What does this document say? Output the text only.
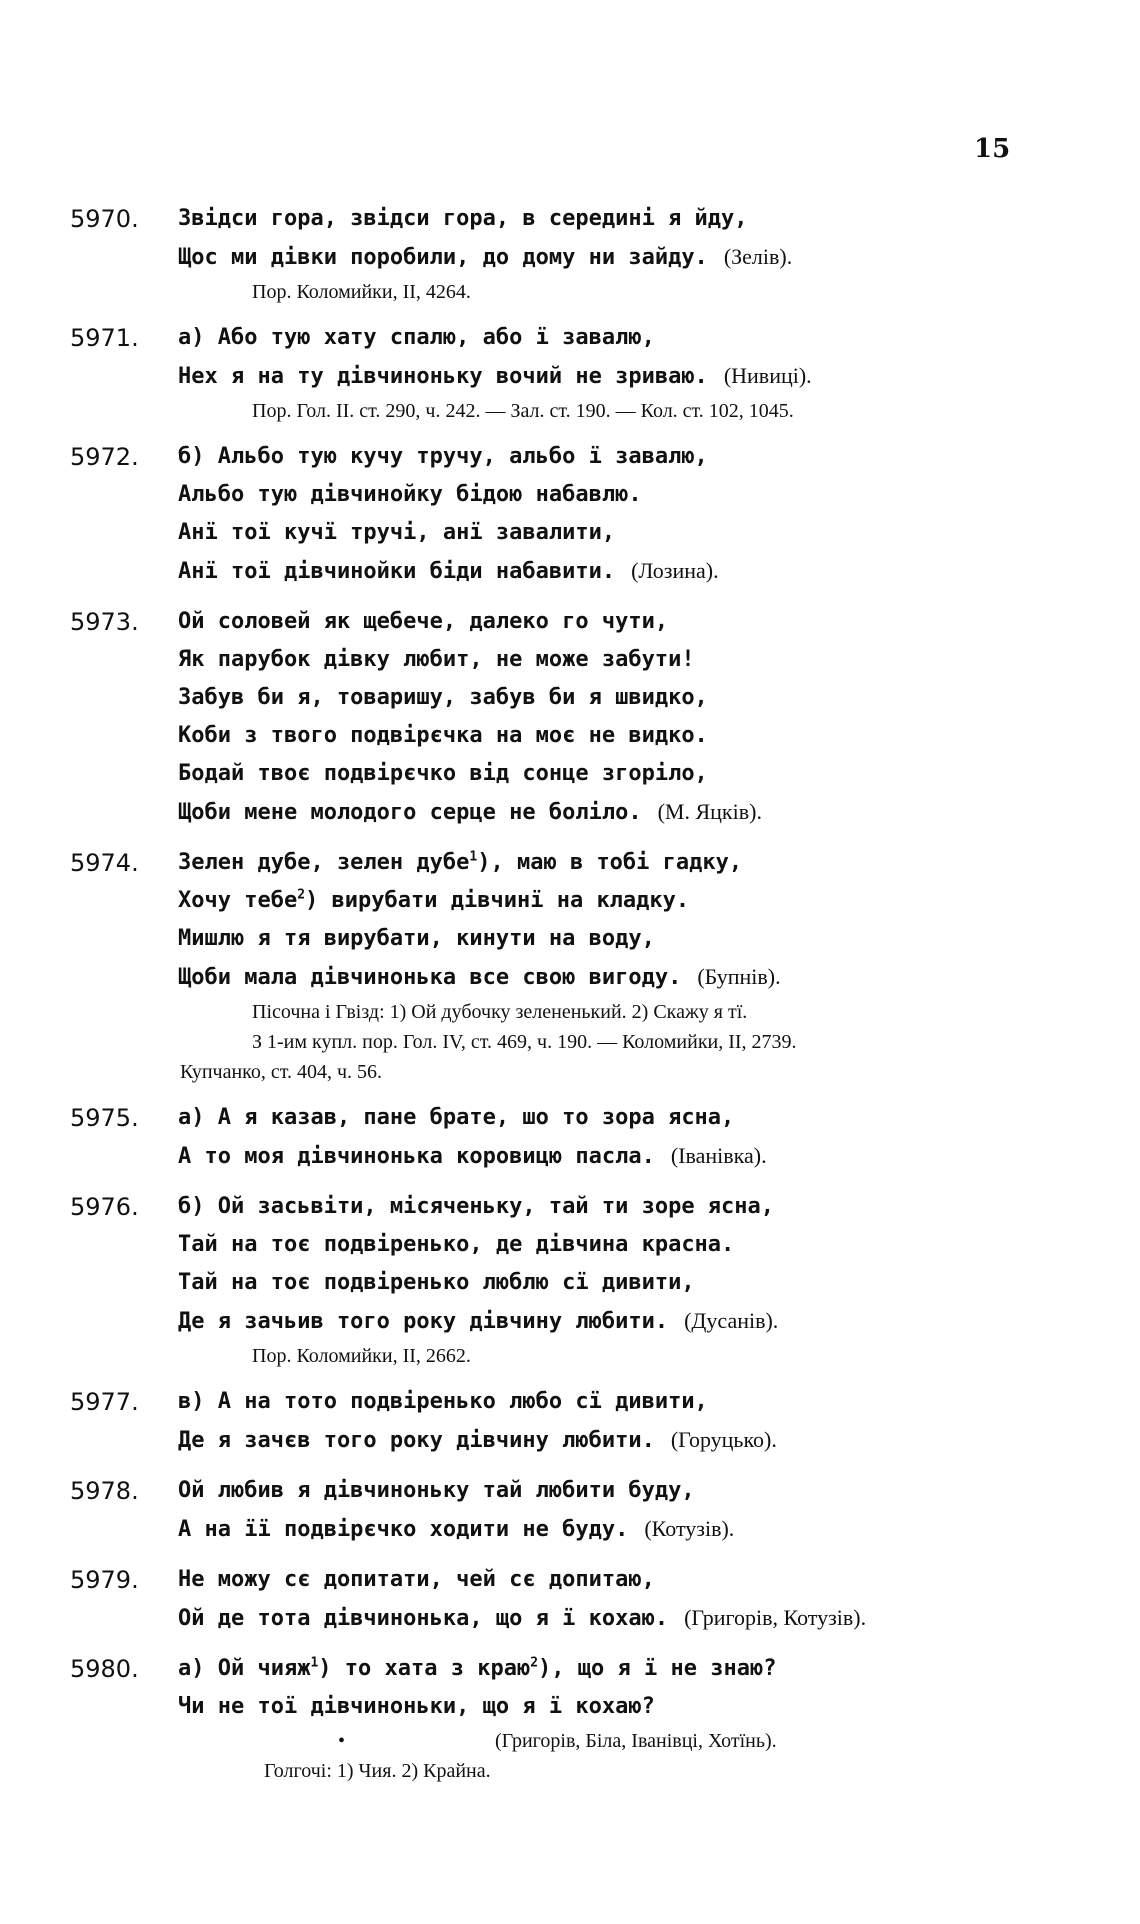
15
5970.	Звідси гора, звідси гора, в середині я йду,
Щос ми дівки поробили, до дому ни зайду. (Зелів).
Пор. Коломийки, II, 4264.
5971.	а) Або тую хату спалю, або ї завалю,
Нех я на ту дівчиноньку вочий не зриваю. (Нивиці).
Пор. Гол. II. ст. 290, ч. 242. — Зал. ст. 190. — Кол. ст. 102, 1045.
5972.	б) Альбо тую кучу тручу, альбо ї завалю,
Альбо тую дівчинойку бідою набавлю.
Анї тої кучї тручі, анї завалити,
Анї тої дівчинойки біди набавити. (Лозина).
5973.	Ой соловей як щебече, далеко го чути,
Як парубок дівку любит, не може забути!
Забув би я, товаришу, забув би я швидко,
Коби з твого подвірєчка на моє не видко.
Бодай твоє подвірєчко від сонце згоріло,
Щоби мене молодого серце не боліло. (М. Яцків).
5974.	Зелен дубе, зелен дубе$^1$), маю в тобі гадку,
Хочу тебе$^2$) вирубати дівчинї на кладку.
Мишлю я тя вирубати, кинути на воду,
Щоби мала дівчинонька все свою вигоду. (Бупнів).
Пісочна і Гвізд: 1) Ой дубочку зелененький. 2) Скажу я тї.
З 1-им купл. пор. Гол. IV, ст. 469, ч. 190. — Коломийки, II, 2739.
Купчанко, ст. 404, ч. 56.
5975.	а) А я казав, пане брате, шо то зора ясна,
А то моя дівчинонька коровицю пасла. (Іванівка).
5976.	б) Ой засьвіти, місяченьку, тай ти зоре ясна,
Тай на тоє подвіренько, де дівчина красна.
Тай на тоє подвіренько люблю сї дивити,
Де я зачьив того року дівчину любити. (Дусанів).
Пор. Коломийки, II, 2662.
5977.	в) А на тото подвіренько любо сї дивити,
Де я зачєв того року дівчину любити. (Горуцько).
5978.	Ой любив я дівчиноньку тай любити буду,
А на її подвірєчко ходити не буду. (Котузів).
5979.	Не можу сє допитати, чей сє допитаю,
Ой де тота дівчинонька, що я ї кохаю. (Григорів, Котузів).
5980.	а) Ой чияж$^1$) то хата з краю$^2$), що я ї не знаю?
Чи не тої дівчиноньки, що я ї кохаю?
•	(Григорів, Біла, Іванівці, Хотїнь).
Голгочі: 1) Чия. 2) Крайна.
